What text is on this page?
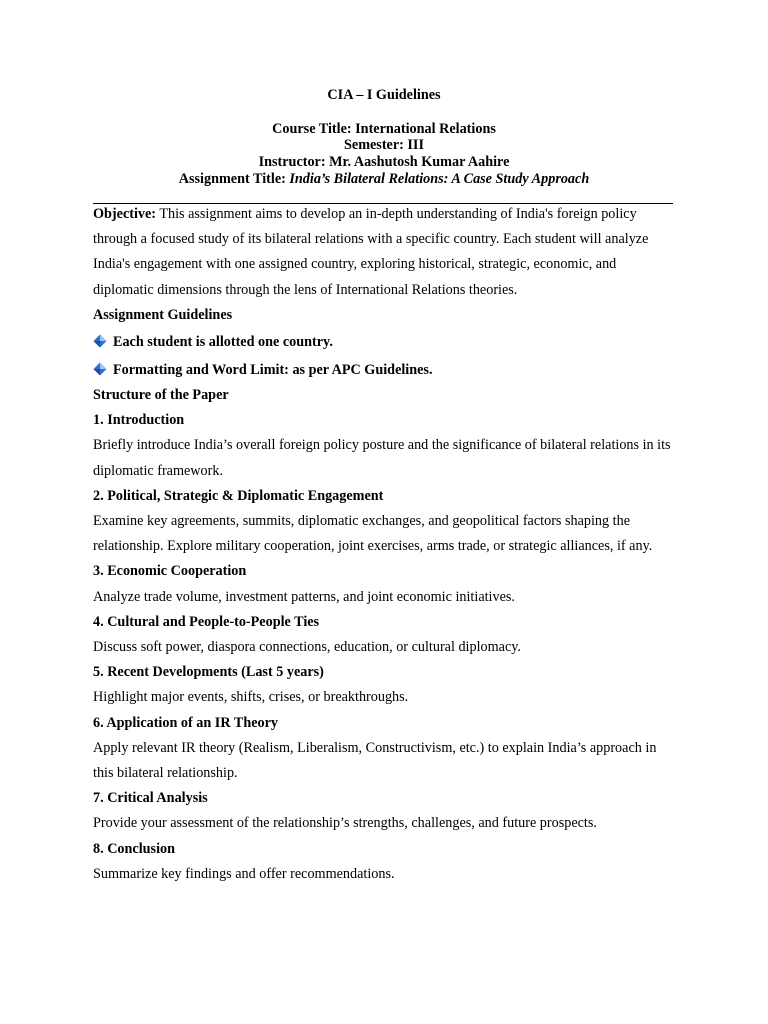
CIA – I Guidelines
Course Title: International Relations
Semester: III
Instructor: Mr. Aashutosh Kumar Aahire
Assignment Title: India’s Bilateral Relations: A Case Study Approach

Objective: This assignment aims to develop an in-depth understanding of India's foreign policy through a focused study of its bilateral relations with a specific country. Each student will analyze India's engagement with one assigned country, exploring historical, strategic, economic, and diplomatic dimensions through the lens of International Relations theories.

Assignment Guidelines

Each student is allotted one country.

Formatting and Word Limit: as per APC Guidelines.

Structure of the Paper

1. Introduction

Briefly introduce India’s overall foreign policy posture and the significance of bilateral relations in its diplomatic framework.

2. Political, Strategic & Diplomatic Engagement

Examine key agreements, summits, diplomatic exchanges, and geopolitical factors shaping the relationship. Explore military cooperation, joint exercises, arms trade, or strategic alliances, if any.

3. Economic Cooperation

Analyze trade volume, investment patterns, and joint economic initiatives.

4. Cultural and People-to-People Ties

Discuss soft power, diaspora connections, education, or cultural diplomacy.

5. Recent Developments (Last 5 years)

Highlight major events, shifts, crises, or breakthroughs.

6. Application of an IR Theory

Apply relevant IR theory (Realism, Liberalism, Constructivism, etc.) to explain India’s approach in this bilateral relationship.

7. Critical Analysis

Provide your assessment of the relationship’s strengths, challenges, and future prospects.

8. Conclusion

Summarize key findings and offer recommendations.
